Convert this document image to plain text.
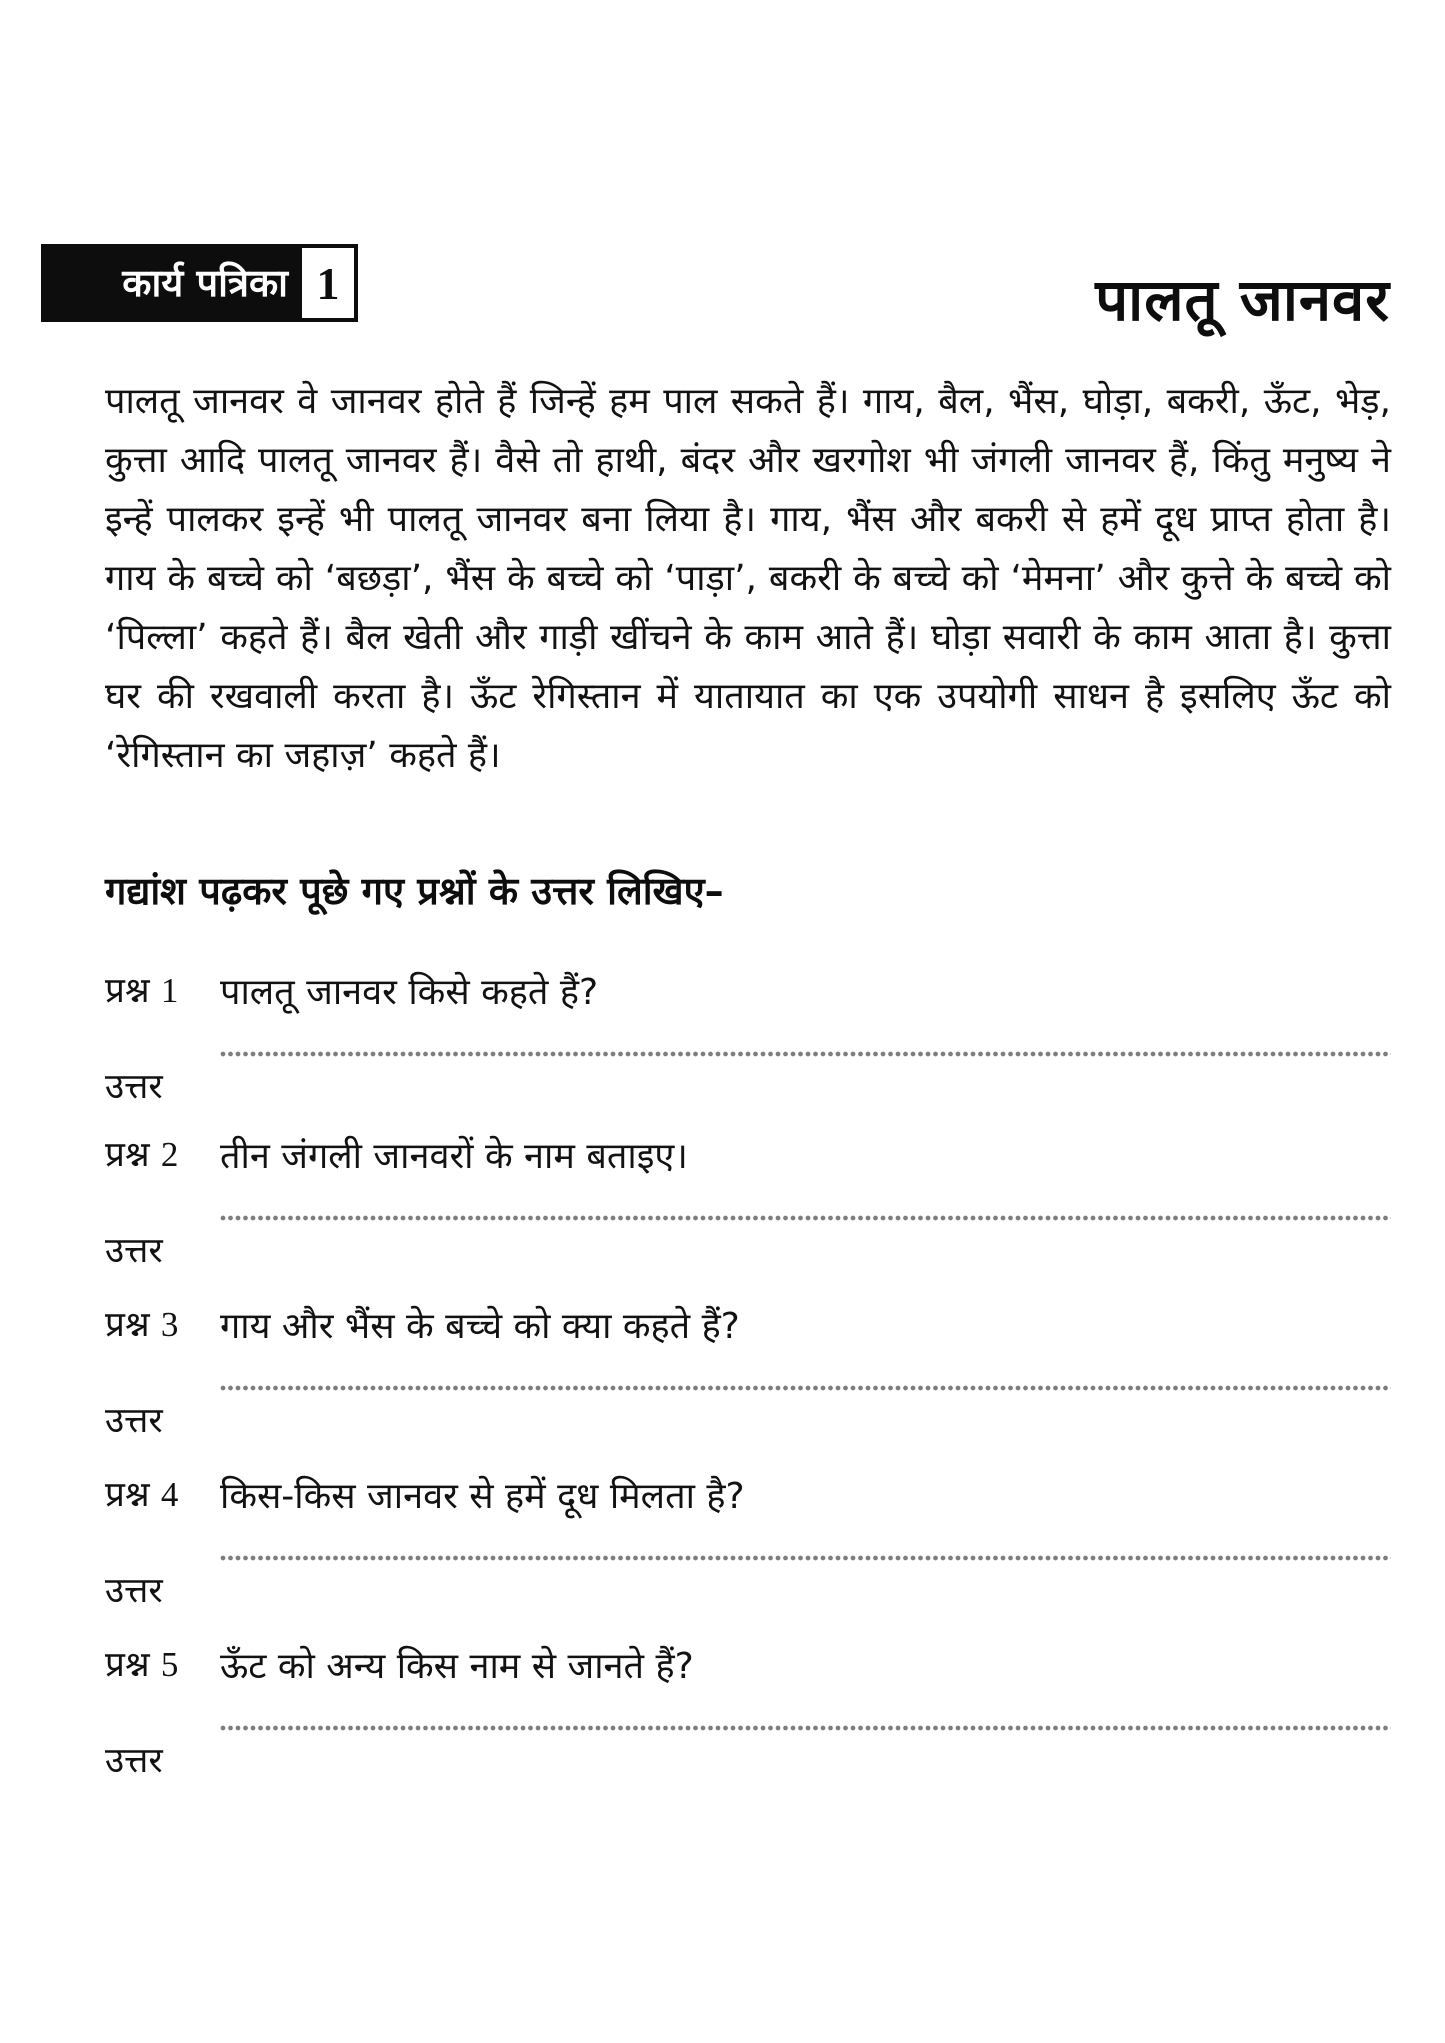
कार्य पत्रिका 1	पालतू जानवर
पालतू जानवर वे जानवर होते हैं जिन्हें हम पाल सकते हैं। गाय, बैल, भैंस, घोड़ा, बकरी, ऊँट, भेड़, कुत्ता आदि पालतू जानवर हैं। वैसे तो हाथी, बंदर और खरगोश भी जंगली जानवर हैं, किंतु मनुष्य ने इन्हें पालकर इन्हें भी पालतू जानवर बना लिया है। गाय, भैंस और बकरी से हमें दूध प्राप्त होता है। गाय के बच्चे को ‘बछड़ा’, भैंस के बच्चे को ‘पाड़ा’, बकरी के बच्चे को ‘मेमना’ और कुत्ते के बच्चे को ‘पिल्ला’ कहते हैं। बैल खेती और गाड़ी खींचने के काम आते हैं। घोड़ा सवारी के काम आता है। कुत्ता घर की रखवाली करता है। ऊँट रेगिस्तान में यातायात का एक उपयोगी साधन है इसलिए ऊँट को ‘रेगिस्तान का जहाज़’ कहते हैं।
गद्यांश पढ़कर पूछे गए प्रश्नों के उत्तर लिखिए–
प्रश्न 1	पालतू जानवर किसे कहते हैं?
उत्तर
प्रश्न 2	तीन जंगली जानवरों के नाम बताइए।
उत्तर
प्रश्न 3	गाय और भैंस के बच्चे को क्या कहते हैं?
उत्तर
प्रश्न 4	किस-किस जानवर से हमें दूध मिलता है?
उत्तर
प्रश्न 5	ऊँट को अन्य किस नाम से जानते हैं?
उत्तर
